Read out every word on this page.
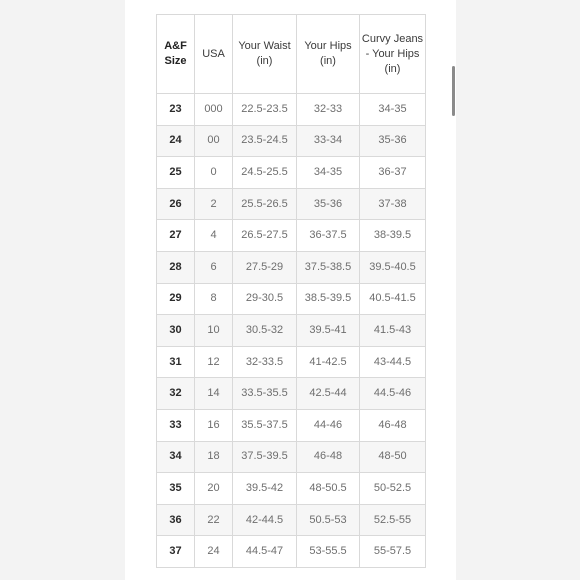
A&F Size	USA	Your Waist (in)	Your Hips (in)	Curvy Jeans - Your Hips (in)
23	000	22.5-23.5	32-33	34-35
24	00	23.5-24.5	33-34	35-36
25	0	24.5-25.5	34-35	36-37
26	2	25.5-26.5	35-36	37-38
27	4	26.5-27.5	36-37.5	38-39.5
28	6	27.5-29	37.5-38.5	39.5-40.5
29	8	29-30.5	38.5-39.5	40.5-41.5
30	10	30.5-32	39.5-41	41.5-43
31	12	32-33.5	41-42.5	43-44.5
32	14	33.5-35.5	42.5-44	44.5-46
33	16	35.5-37.5	44-46	46-48
34	18	37.5-39.5	46-48	48-50
35	20	39.5-42	48-50.5	50-52.5
36	22	42-44.5	50.5-53	52.5-55
37	24	44.5-47	53-55.5	55-57.5
